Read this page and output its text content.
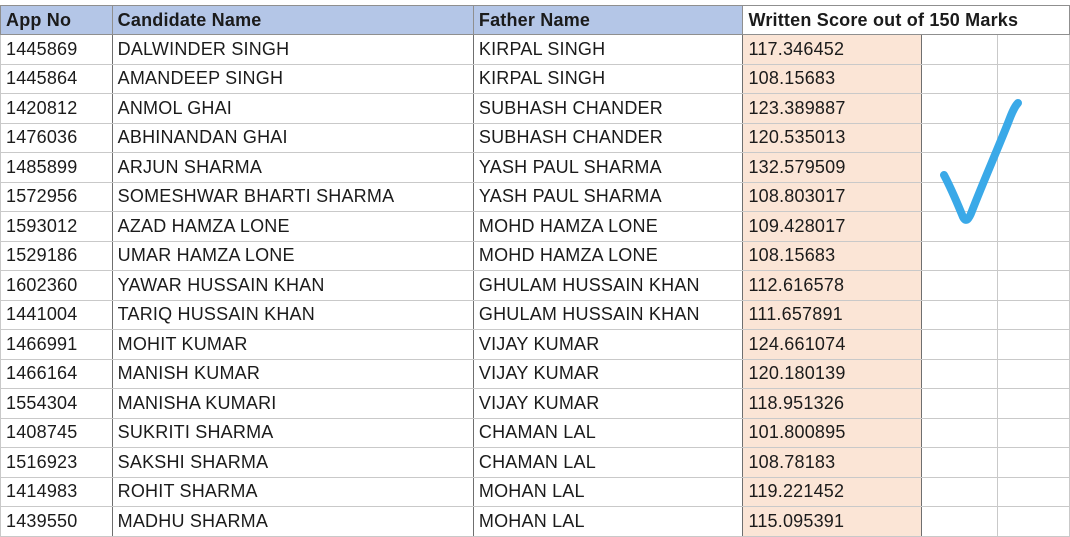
App No	Candidate Name	Father Name	Written Score out of 150 Marks		
1445869	DALWINDER SINGH	KIRPAL SINGH	117.346452		
1445864	AMANDEEP SINGH	KIRPAL SINGH	108.15683		
1420812	ANMOL GHAI	SUBHASH CHANDER	123.389887		
1476036	ABHINANDAN GHAI	SUBHASH CHANDER	120.535013		
1485899	ARJUN SHARMA	YASH PAUL SHARMA	132.579509		
1572956	SOMESHWAR BHARTI SHARMA	YASH PAUL SHARMA	108.803017		
1593012	AZAD HAMZA LONE	MOHD HAMZA LONE	109.428017		
1529186	UMAR HAMZA LONE	MOHD HAMZA LONE	108.15683		
1602360	YAWAR HUSSAIN KHAN	GHULAM HUSSAIN KHAN	112.616578		
1441004	TARIQ HUSSAIN KHAN	GHULAM HUSSAIN KHAN	111.657891		
1466991	MOHIT KUMAR	VIJAY KUMAR	124.661074		
1466164	MANISH KUMAR	VIJAY KUMAR	120.180139		
1554304	MANISHA KUMARI	VIJAY KUMAR	118.951326		
1408745	SUKRITI SHARMA	CHAMAN LAL	101.800895		
1516923	SAKSHI SHARMA	CHAMAN LAL	108.78183		
1414983	ROHIT SHARMA	MOHAN LAL	119.221452		
1439550	MADHU SHARMA	MOHAN LAL	115.095391		
